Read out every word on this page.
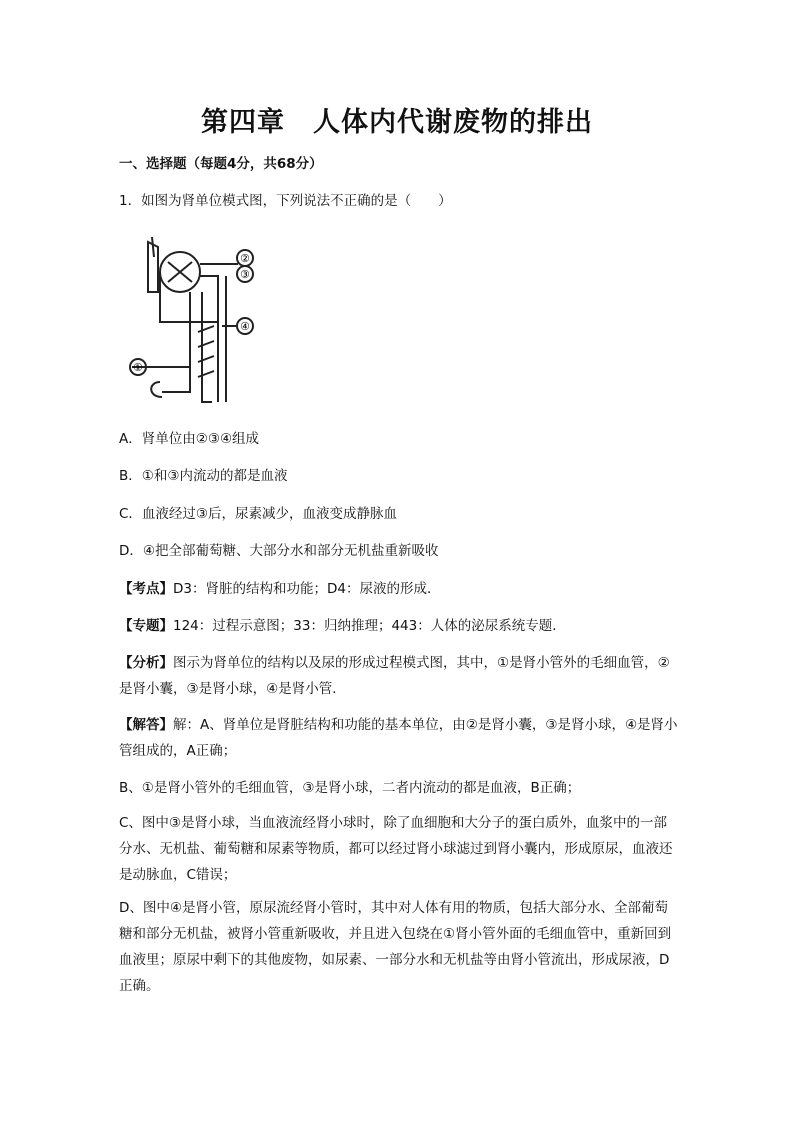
第四章　人体内代谢废物的排出
一、选择题（每题4分，共68分）
1．如图为肾单位模式图，下列说法不正确的是（　　）
②
③
④
①
A．肾单位由②③④组成
B．①和③内流动的都是血液
C．血液经过③后，尿素减少，血液变成静脉血
D．④把全部葡萄糖、大部分水和部分无机盐重新吸收
【考点】D3：肾脏的结构和功能；D4：尿液的形成．
【专题】124：过程示意图；33：归纳推理；443：人体的泌尿系统专题．
【分析】图示为肾单位的结构以及尿的形成过程模式图，其中，①是肾小管外的毛细血管，②是肾小囊，③是肾小球，④是肾小管．
【解答】解：A、肾单位是肾脏结构和功能的基本单位，由②是肾小囊，③是肾小球，④是肾小管组成的，A正确；
B、①是肾小管外的毛细血管，③是肾小球，二者内流动的都是血液，B正确；
C、图中③是肾小球，当血液流经肾小球时，除了血细胞和大分子的蛋白质外，血浆中的一部分水、无机盐、葡萄糖和尿素等物质，都可以经过肾小球滤过到肾小囊内，形成原尿，血液还是动脉血，C错误；
D、图中④是肾小管，原尿流经肾小管时，其中对人体有用的物质，包括大部分水、全部葡萄糖和部分无机盐，被肾小管重新吸收，并且进入包绕在①肾小管外面的毛细血管中，重新回到血液里；原尿中剩下的其他废物，如尿素、一部分水和无机盐等由肾小管流出，形成尿液，D正确。
